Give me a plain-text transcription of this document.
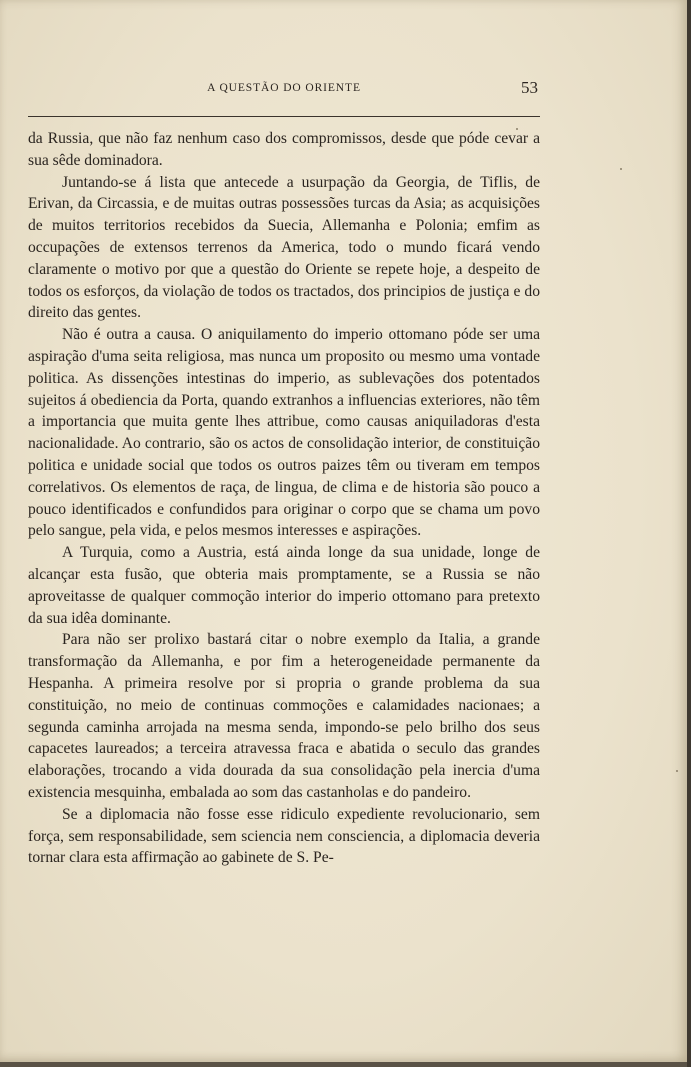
A QUESTÃO DO ORIENTE	53

da Russia, que não faz nenhum caso dos compromissos, desde que póde cevar a sua sêde dominadora.

Juntando-se á lista que antecede a usurpação da Georgia, de Tiflis, de Erivan, da Circassia, e de muitas outras possessões turcas da Asia; as acquisições de muitos territorios recebidos da Suecia, Allemanha e Polonia; emfim as occupações de extensos terrenos da America, todo o mundo ficará vendo claramente o motivo por que a questão do Oriente se repete hoje, a despeito de todos os esforços, da violação de todos os tractados, dos principios de justiça e do direito das gentes.

Não é outra a causa. O aniquilamento do imperio ottomano póde ser uma aspiração d'uma seita religiosa, mas nunca um proposito ou mesmo uma vontade politica. As dissenções intestinas do imperio, as sublevações dos potentados sujeitos á obediencia da Porta, quando extranhos a influencias exteriores, não têm a importancia que muita gente lhes attribue, como causas aniquiladoras d'esta nacionalidade. Ao contrario, são os actos de consolidação interior, de constituição politica e unidade social que todos os outros paizes têm ou tiveram em tempos correlativos. Os elementos de raça, de lingua, de clima e de historia são pouco a pouco identificados e confundidos para originar o corpo que se chama um povo pelo sangue, pela vida, e pelos mesmos interesses e aspirações.

A Turquia, como a Austria, está ainda longe da sua unidade, longe de alcançar esta fusão, que obteria mais promptamente, se a Russia se não aproveitasse de qualquer commoção interior do imperio ottomano para pretexto da sua idêa dominante.

Para não ser prolixo bastará citar o nobre exemplo da Italia, a grande transformação da Allemanha, e por fim a heterogeneidade permanente da Hespanha. A primeira resolve por si propria o grande problema da sua constituição, no meio de continuas commoções e calamidades nacionaes; a segunda caminha arrojada na mesma senda, impondo-se pelo brilho dos seus capacetes laureados; a terceira atravessa fraca e abatida o seculo das grandes elaborações, trocando a vida dourada da sua consolidação pela inercia d'uma existencia mesquinha, embalada ao som das castanholas e do pandeiro.

Se a diplomacia não fosse esse ridiculo expediente revolucionario, sem força, sem responsabilidade, sem sciencia nem consciencia, a diplomacia deveria tornar clara esta affirmação ao gabinete de S. Pe-
